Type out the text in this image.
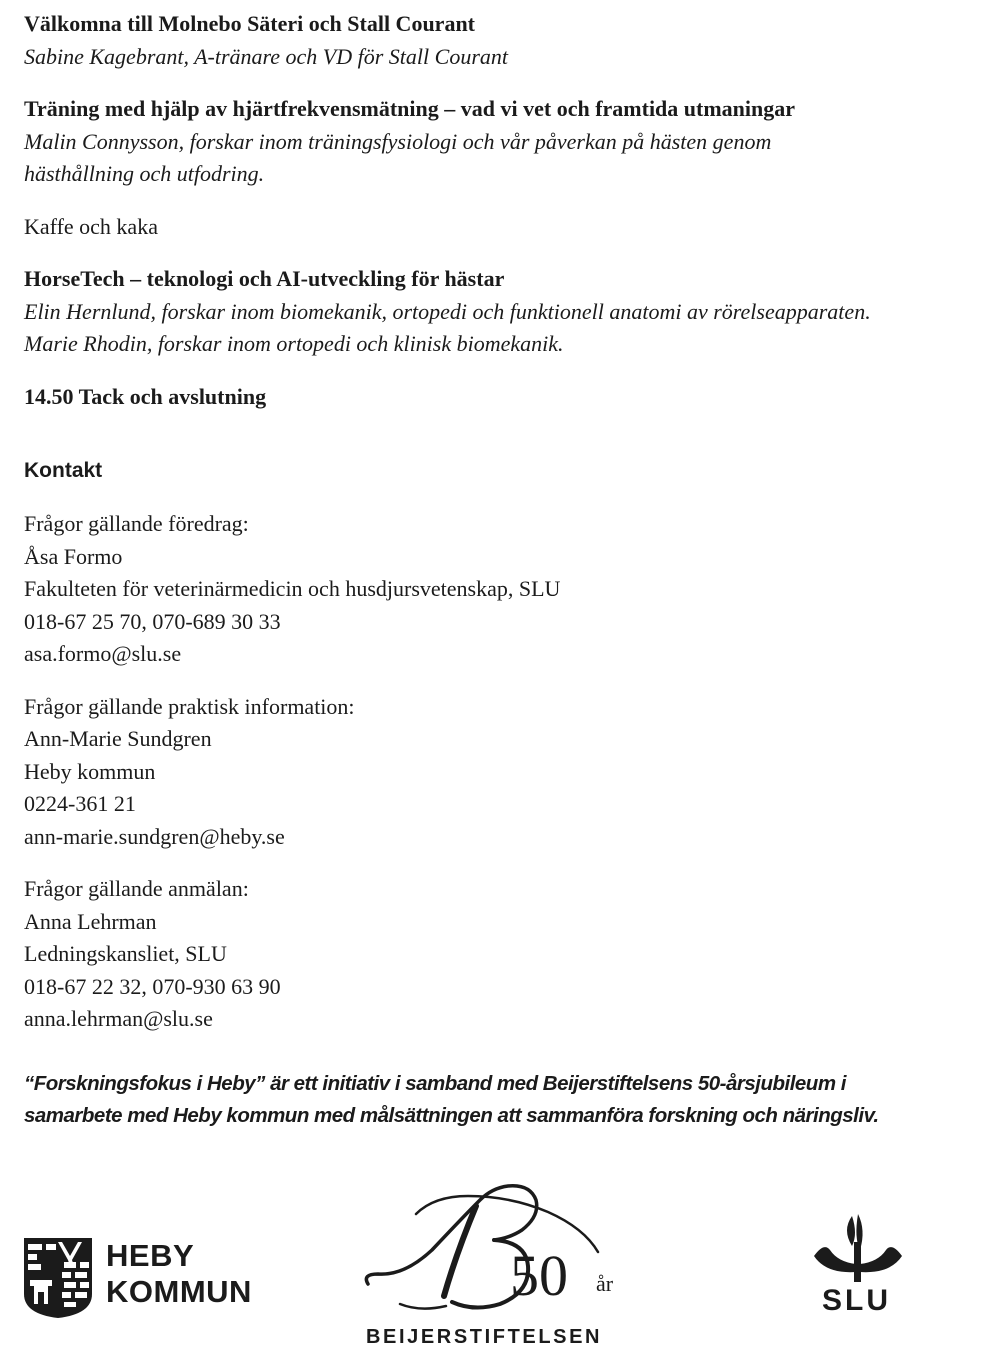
Välkomna till Molnebo Säteri och Stall Courant
Sabine Kagebrant, A-tränare och VD för Stall Courant
Träning med hjälp av hjärtfrekvensmätning – vad vi vet och framtida utmaningar
Malin Connysson, forskar inom träningsfysiologi och vår påverkan på hästen genom
hästhållning och utfodring.
Kaffe och kaka
HorseTech – teknologi och AI-utveckling för hästar
Elin Hernlund, forskar inom biomekanik, ortopedi och funktionell anatomi av rörelseapparaten.
Marie Rhodin, forskar inom ortopedi och klinisk biomekanik.
14.50 Tack och avslutning
Kontakt
Frågor gällande föredrag:
Åsa Formo
Fakulteten för veterinärmedicin och husdjursvetenskap, SLU
018-67 25 70, 070-689 30 33
asa.formo@slu.se
Frågor gällande praktisk information:
Ann-Marie Sundgren
Heby kommun
0224-361 21
ann-marie.sundgren@heby.se
Frågor gällande anmälan:
Anna Lehrman
Ledningskansliet, SLU
018-67 22 32, 070-930 63 90
anna.lehrman@slu.se
“Forskningsfokus i Heby” är ett initiativ i samband med Beijerstiftelsens 50-årsjubileum i
samarbete med Heby kommun med målsättningen att sammanföra forskning och näringsliv.
HEBY
KOMMUN	50 år
BEIJERSTIFTELSEN
SLU
